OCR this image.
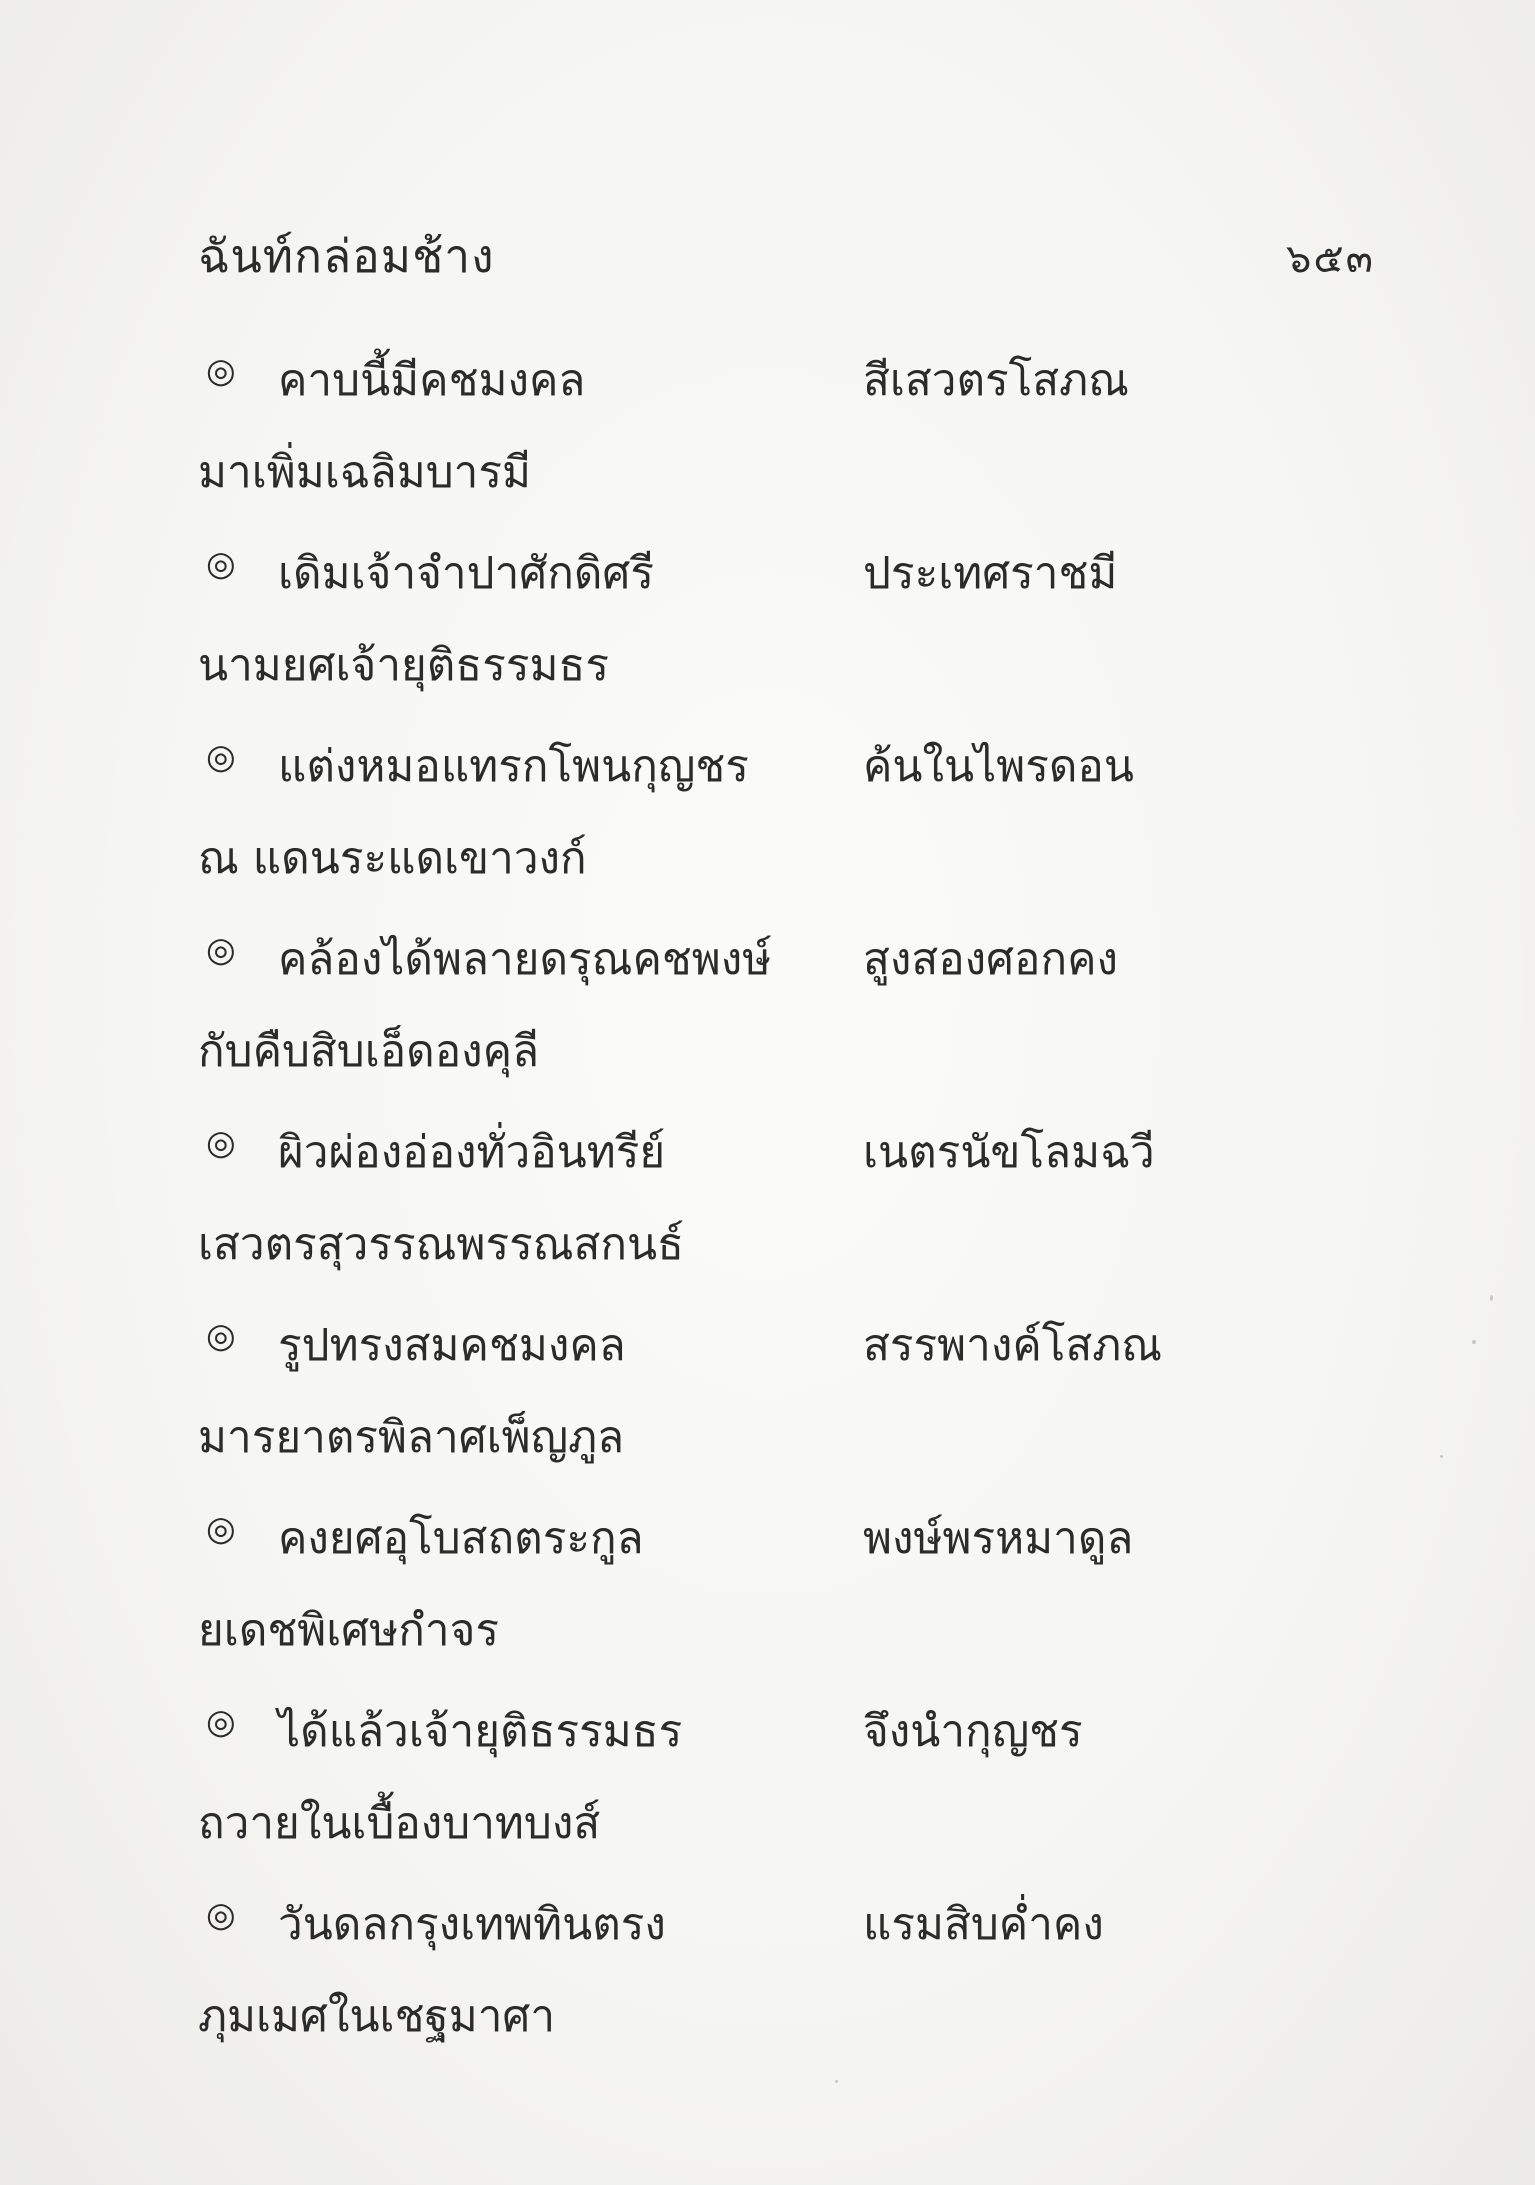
ฉันท์กล่อมช้าง	๖๕๓
◎ คาบนี้มีคชมงคล	สีเสวตรโสภณ
มาเพิ่มเฉลิมบารมี
◎ เดิมเจ้าจำปาศักดิศรี	ประเทศราชมี
นามยศเจ้ายุติธรรมธร
◎ แต่งหมอแทรกโพนกุญชร	ค้นในไพรดอน
ณ แดนระแดเขาวงก์
◎ คล้องได้พลายดรุณคชพงษ์ สูงสองศอกคง
กับคืบสิบเอ็ดองคุลี
◎ ผิวผ่องอ่องทั่วอินทรีย์	เนตรนัขโลมฉวี
เสวตรสุวรรณพรรณสกนธ์
◎ รูปทรงสมคชมงคล	สรรพางค์โสภณ
มารยาตรพิลาศเพ็ญภูล
◎ คงยศอุโบสถตระกูล	พงษ์พรหมาดูล
ยเดชพิเศษกำจร
◎ ได้แล้วเจ้ายุติธรรมธร	จึงนำกุญชร
ถวายในเบื้องบาทบงส์
◎ วันดลกรุงเทพทินตรง	แรมสิบค่ำคง
ภุมเมศในเชฐมาศา
